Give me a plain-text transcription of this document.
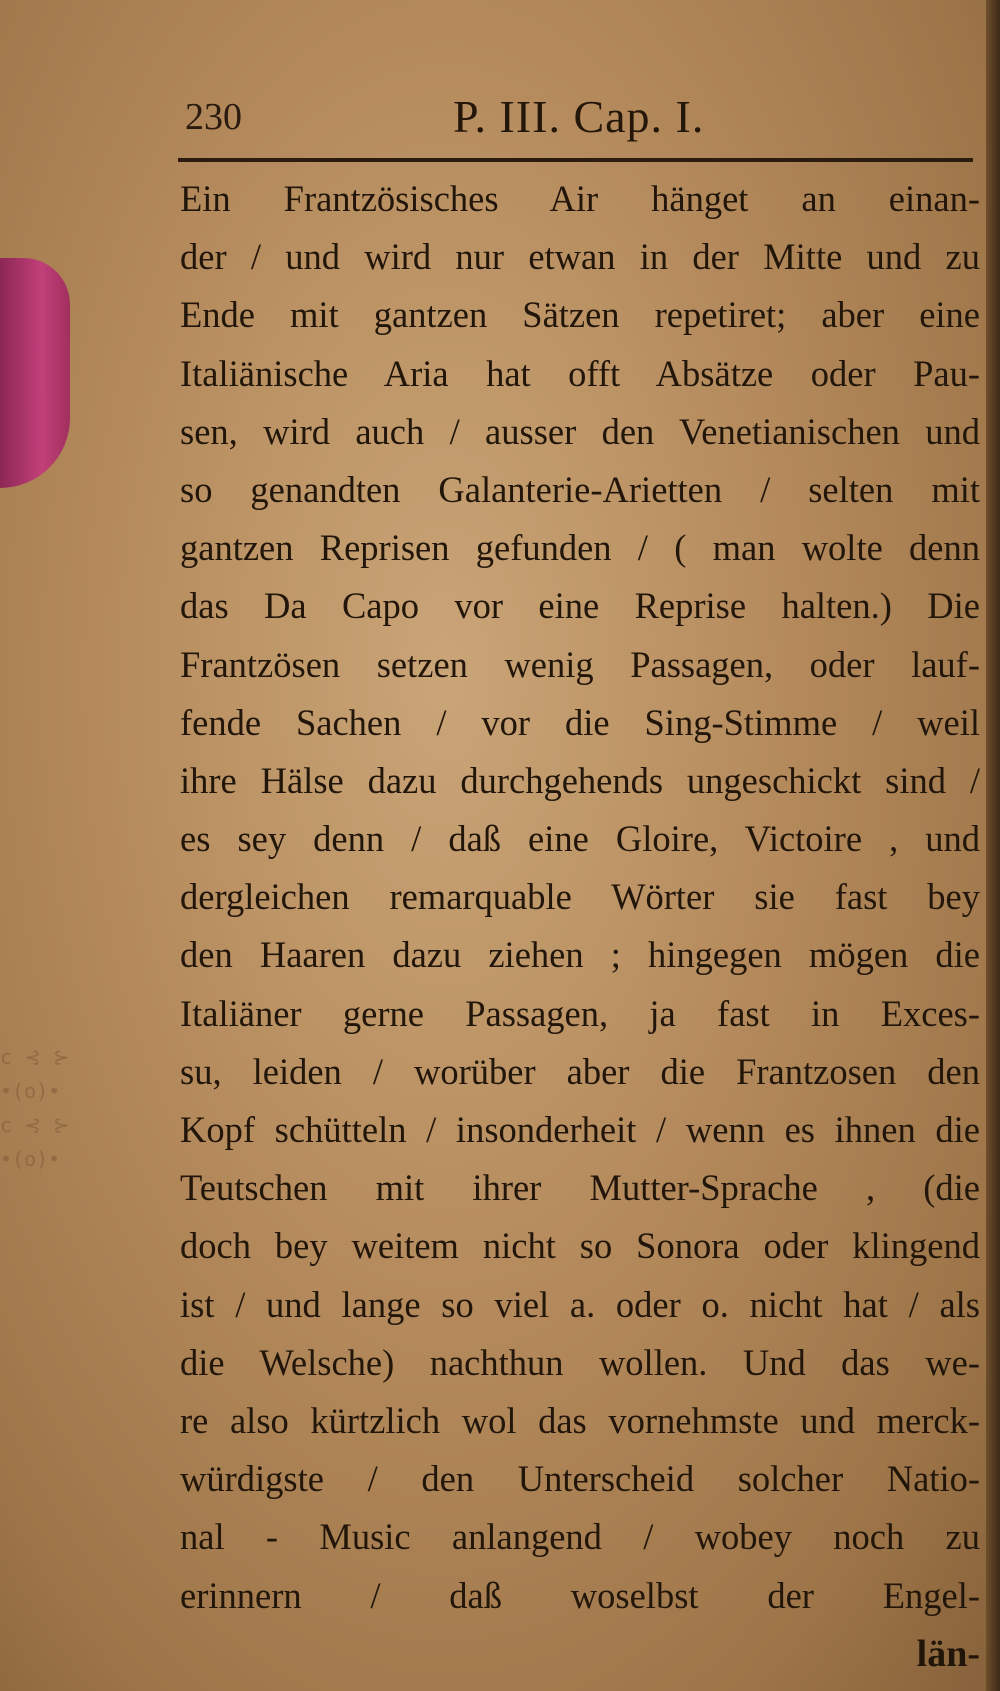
c ⊰ ⊱
•(o)•
c ⊰ ⊱
•(o)•
230	P. III. Cap. I.
Ein Frantzösisches Air hänget an einan-
der / und wird nur etwan in der Mitte und zu
Ende mit gantzen Sätzen repetiret; aber eine
Italiänische Aria hat offt Absätze oder Pau-
sen, wird auch / ausser den Venetianischen und
so genandten Galanterie-Arietten / selten mit
gantzen Reprisen gefunden / ( man wolte denn
das Da Capo vor eine Reprise halten.) Die
Frantzösen setzen wenig Passagen, oder lauf-
fende Sachen / vor die Sing-Stimme / weil
ihre Hälse dazu durchgehends ungeschickt sind /
es sey denn / daß eine Gloire, Victoire , und
dergleichen remarquable Wörter sie fast bey
den Haaren dazu ziehen ; hingegen mögen die
Italiäner gerne Passagen, ja fast in Exces-
su, leiden / worüber aber die Frantzosen den
Kopf schütteln / insonderheit / wenn es ihnen die
Teutschen mit ihrer Mutter-Sprache , (die
doch bey weitem nicht so Sonora oder klingend
ist / und lange so viel a. oder o. nicht hat / als
die Welsche) nachthun wollen. Und das we-
re also kürtzlich wol das vornehmste und merck-
würdigste / den Unterscheid solcher Natio-
nal - Music anlangend / wobey noch zu
erinnern / daß woselbst der Engel-
län-
